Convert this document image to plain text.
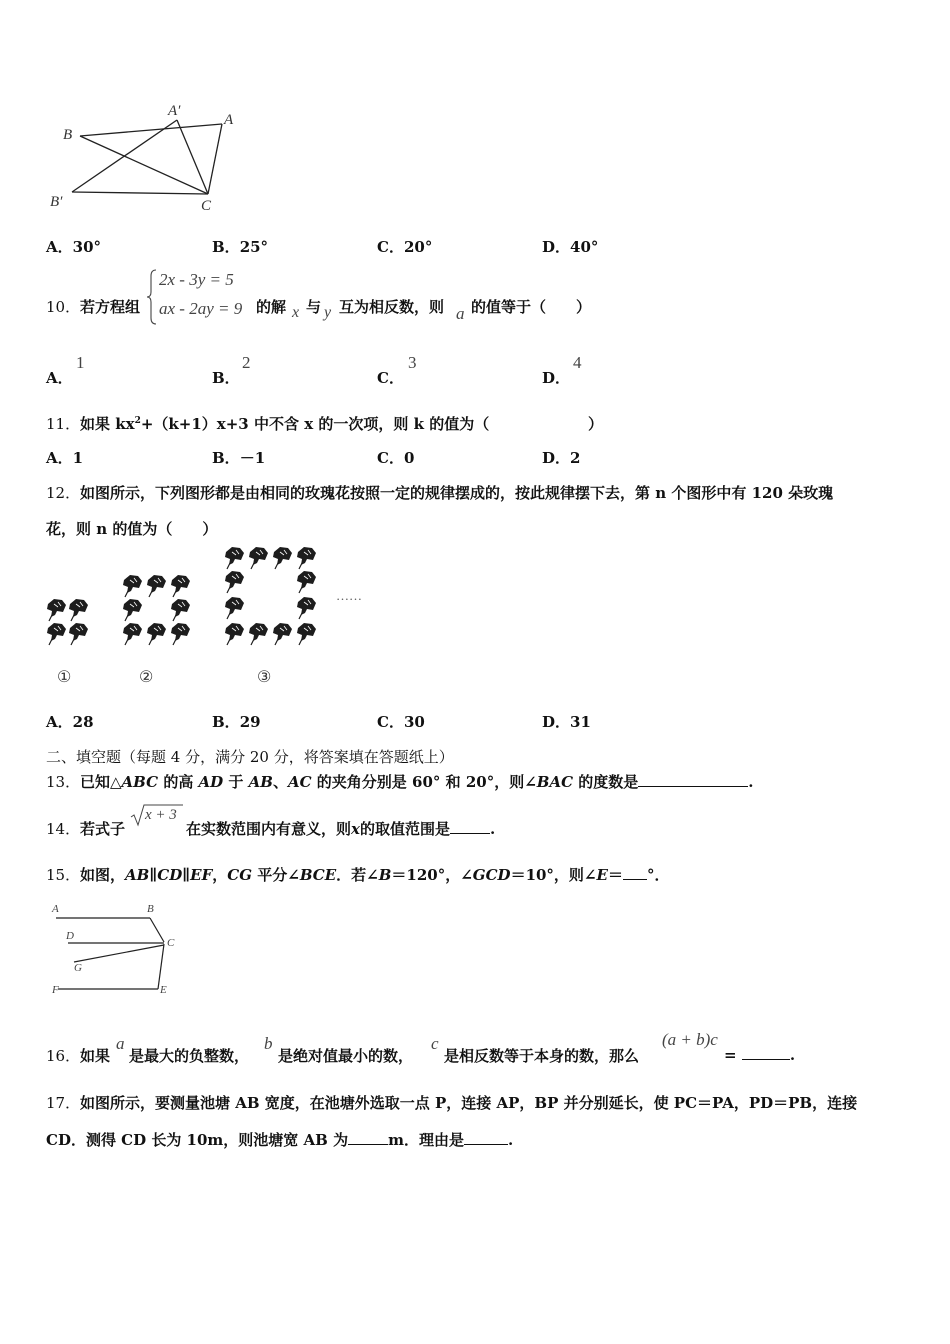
B
A′
A
B′	C
A．30°	B．25°	C．20°	D．40°
10． 若方程组
2x - 3y = 5
ax - 2ay = 9 的解 x 与 y 互为相反数，则 a 的值等于（　　）
A．
1
B．
2
C．
3
D．
4
11． 如果 $kx^2+(k+1)x+3$ 中不含 x 的一次项，则 k 的值为（	）
A．1	B．－1	C．0	D．2
12． 如图所示，下列图形都是由相同的玫瑰花按照一定的规律摆成的，按此规律摆下去，第 n 个图形中有 120 朵玫瑰
花，则 n 的值为（　　）
①	②	③
……
A．28	B．29	C．30	D．31
二、填空题（每题 4 分，满分 20 分，将答案填在答题纸上）
13． 已知△ABC 的高 AD 于 AB、AC 的夹角分别是 60° 和 20°，则∠BAC 的度数是	.
14． 若式子
x + 3
在实数范围内有意义，则x的取值范围是	.
15． 如图，AB∥CD∥EF，CG 平分∠BCE．若∠B＝120°，∠GCD＝10°，则∠E＝ °．
A	B
D
C
G
F	E
16． 如果
a
是最大的负整数，
b
是绝对值最小的数，
c
是相反数等于本身的数，那么
(a + b)c
=	.
17． 如图所示，要测量池塘 AB 宽度，在池塘外选取一点 P，连接 AP，BP 并分别延长，使 PC＝PA，PD＝PB，连接
CD．测得 CD 长为 10m，则池塘宽 AB 为	m．理由是	.
